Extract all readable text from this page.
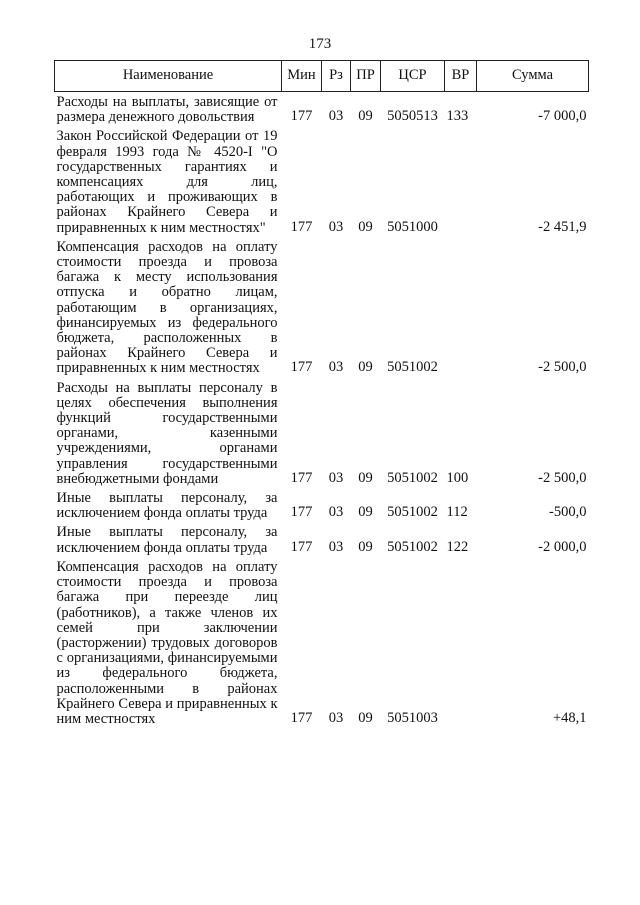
173
Наименование	Мин	Рз	ПР	ЦСР	ВР	Сумма
Расходы на выплаты, зависящие от размера денежного довольствия	177	03	09	5050513	133	-7 000,0
Закон Российской Федерации от 19 февраля 1993 года № 4520-I "О государственных гарантиях и компенсациях для лиц, работающих и проживающих в районах Крайнего Севера и приравненных к ним местностях"	177	03	09	5051000		-2 451,9
Компенсация расходов на оплату стоимости проезда и провоза багажа к месту использования отпуска и обратно лицам, работающим в организациях, финансируемых из федерального бюджета, расположенных в районах Крайнего Севера и приравненных к ним местностях	177	03	09	5051002		-2 500,0
Расходы на выплаты персоналу в целях обеспечения выполнения функций государственными органами, казенными учреждениями, органами управления государственными внебюджетными фондами	177	03	09	5051002	100	-2 500,0
Иные выплаты персоналу, за исключением фонда оплаты труда	177	03	09	5051002	112	-500,0
Иные выплаты персоналу, за исключением фонда оплаты труда	177	03	09	5051002	122	-2 000,0
Компенсация расходов на оплату стоимости проезда и провоза багажа при переезде лиц (работников), а также членов их семей при заключении (расторжении) трудовых договоров с организациями, финансируемыми из федерального бюджета, расположенными в районах Крайнего Севера и приравненных к ним местностях	177	03	09	5051003		+48,1
